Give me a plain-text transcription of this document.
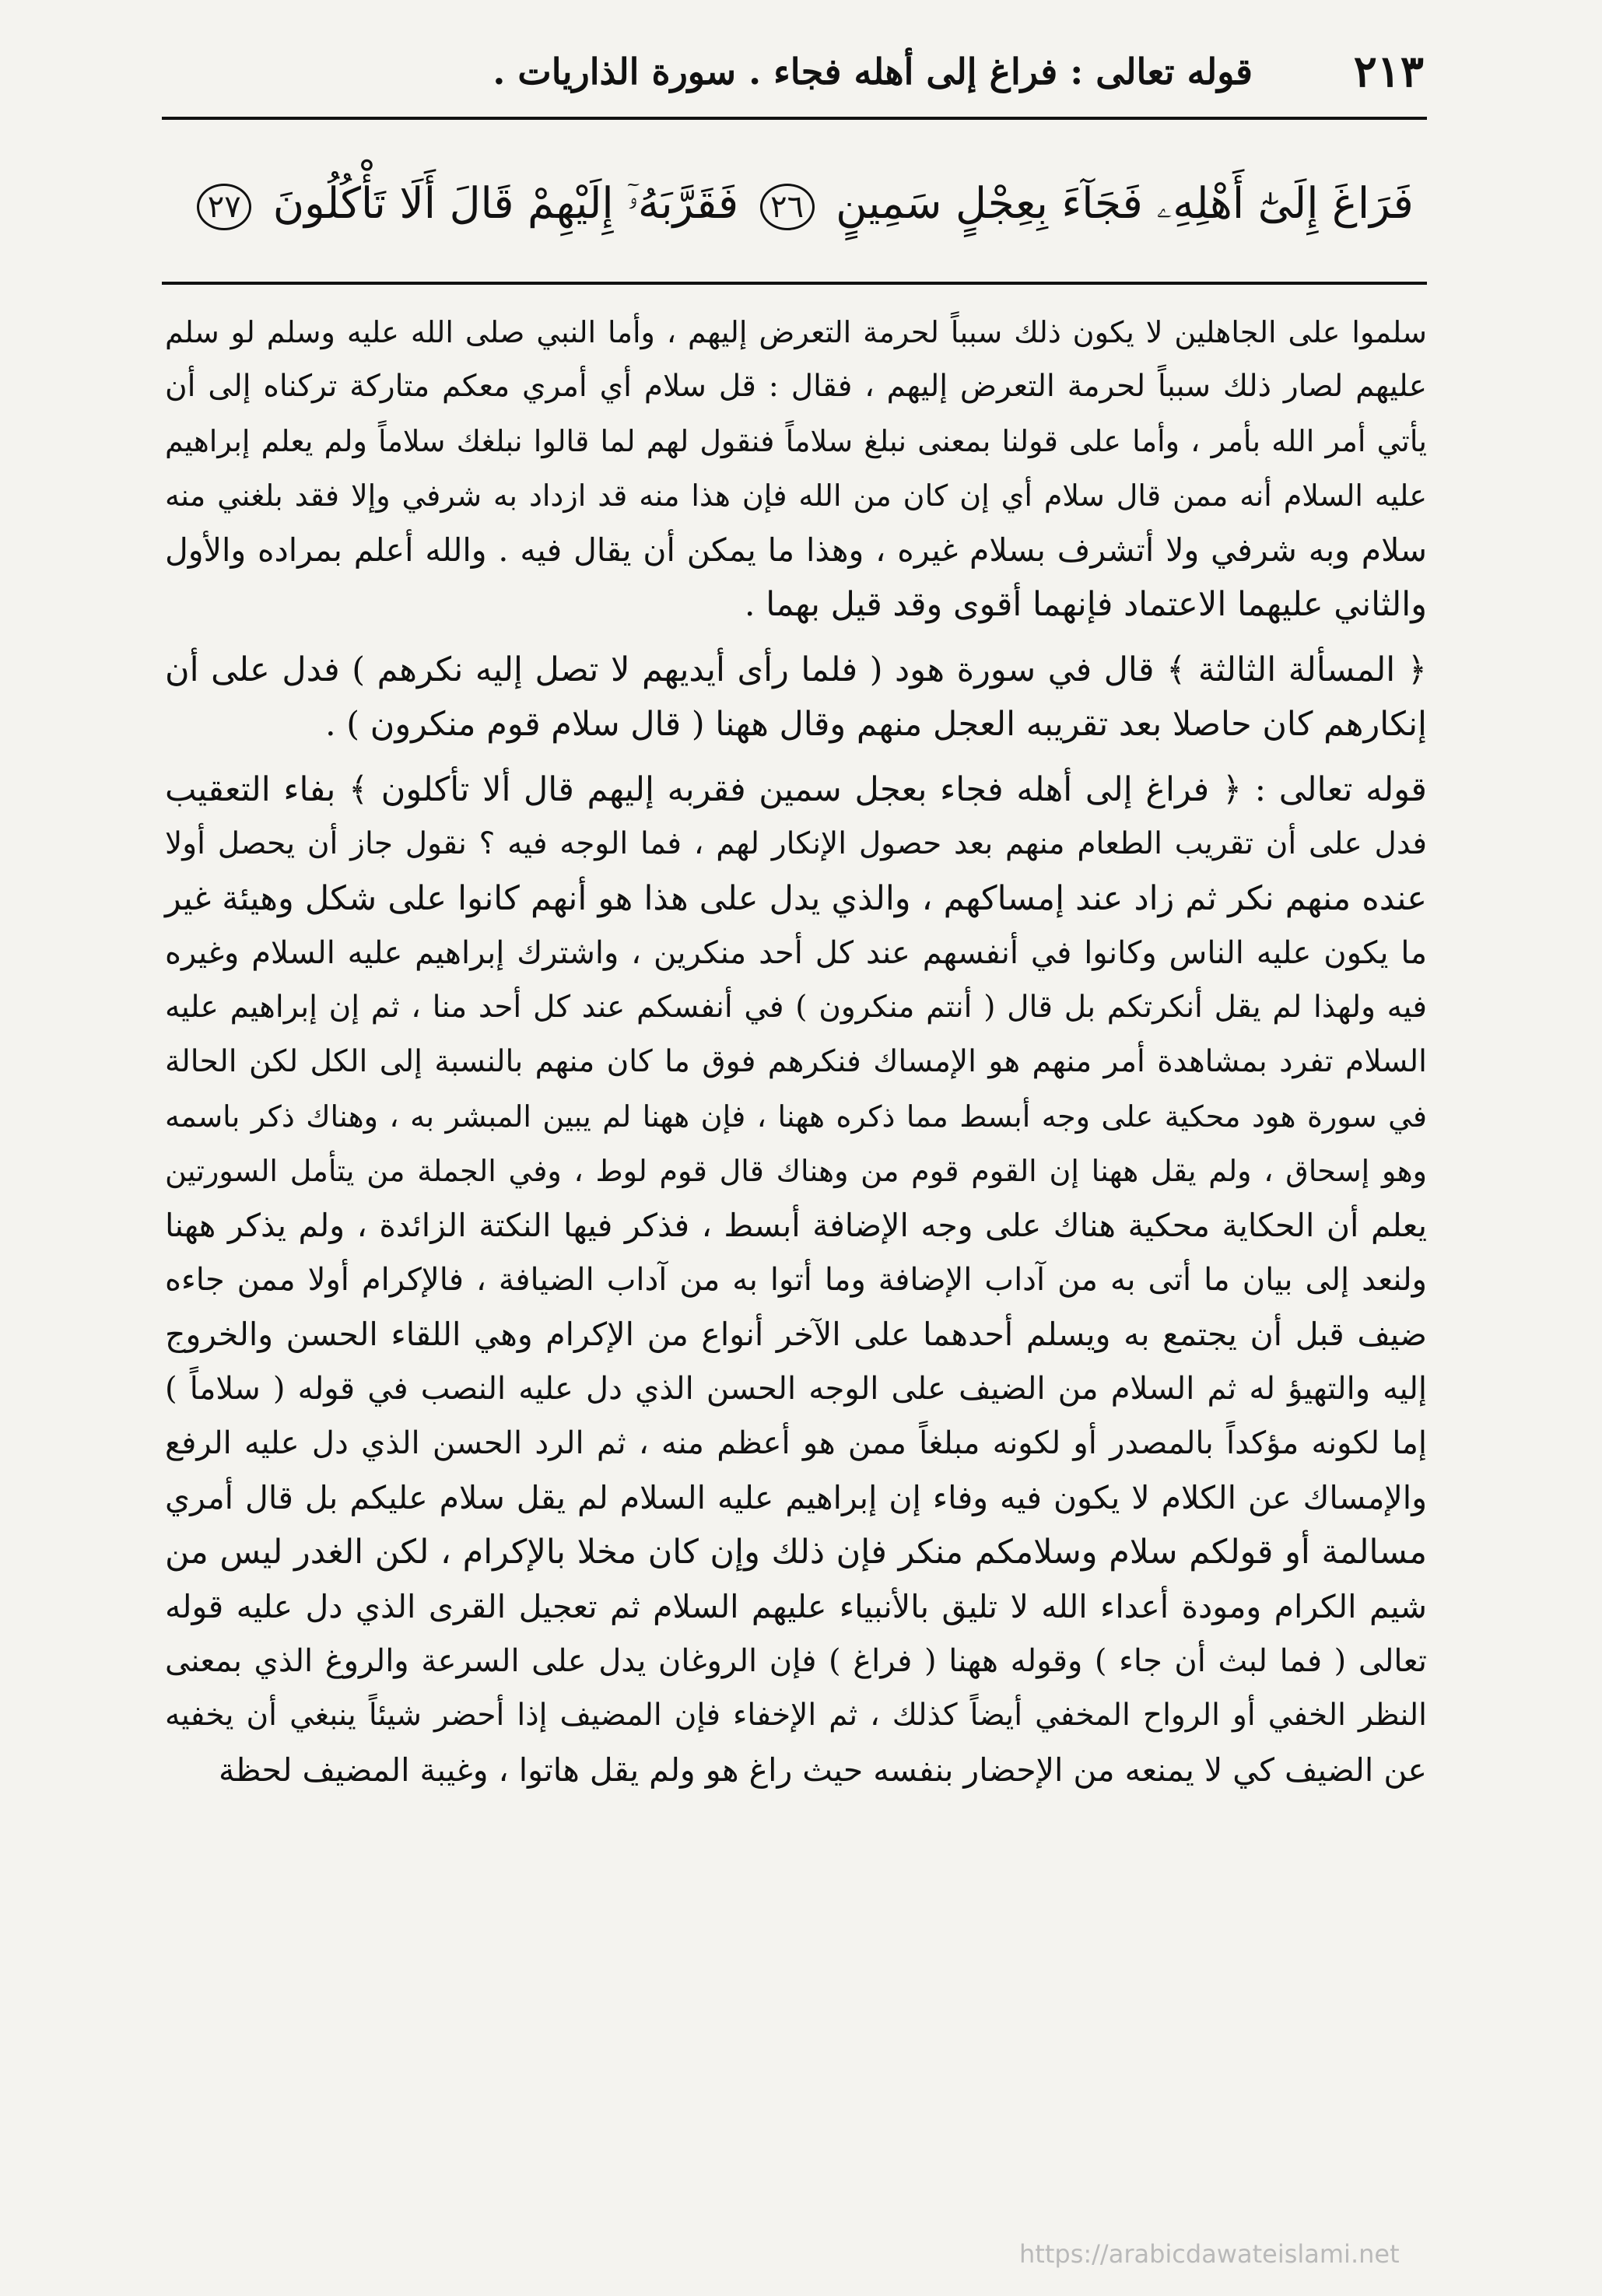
٢١٣
قوله تعالى : فراغ إلى أهله فجاء . سورة الذاريات .
فَرَاغَ إِلَىٰٓ أَهْلِهِۦ فَجَآءَ بِعِجْلٍ سَمِينٍ ٢٦ فَقَرَّبَهُۥٓ إِلَيْهِمْ قَالَ أَلَا تَأْكُلُونَ ٢٧
سلموا على الجاهلين لا يكون ذلك سبباً لحرمة التعرض إليهم ، وأما النبي صلى الله عليه وسلم لو سلم
عليهم لصار ذلك سبباً لحرمة التعرض إليهم ، فقال : قل سلام أي أمري معكم متاركة تركناه إلى أن
يأتي أمر الله بأمر ، وأما على قولنا بمعنى نبلغ سلاماً فنقول لهم لما قالوا نبلغك سلاماً ولم يعلم إبراهيم
عليه السلام أنه ممن قال سلام أي إن كان من الله فإن هذا منه قد ازداد به شرفي وإلا فقد بلغني منه
سلام وبه شرفي ولا أتشرف بسلام غيره ، وهذا ما يمكن أن يقال فيه . والله أعلم بمراده والأول
والثاني عليهما الاعتماد فإنهما أقوى وقد قيل بهما .
﴿ المسألة الثالثة ﴾ قال في سورة هود ( فلما رأى أيديهم لا تصل إليه نكرهم ) فدل على أن
إنكارهم كان حاصلا بعد تقريبه العجل منهم وقال ههنا ( قال سلام قوم منكرون ) .
قوله تعالى : ﴿ فراغ إلى أهله فجاء بعجل سمين فقربه إليهم قال ألا تأكلون ﴾ بفاء التعقيب
فدل على أن تقريب الطعام منهم بعد حصول الإنكار لهم ، فما الوجه فيه ؟ نقول جاز أن يحصل أولا
عنده منهم نكر ثم زاد عند إمساكهم ، والذي يدل على هذا هو أنهم كانوا على شكل وهيئة غير
ما يكون عليه الناس وكانوا في أنفسهم عند كل أحد منكرين ، واشترك إبراهيم عليه السلام وغيره
فيه ولهذا لم يقل أنكرتكم بل قال ( أنتم منكرون ) في أنفسكم عند كل أحد منا ، ثم إن إبراهيم عليه
السلام تفرد بمشاهدة أمر منهم هو الإمساك فنكرهم فوق ما كان منهم بالنسبة إلى الكل لكن الحالة
في سورة هود محكية على وجه أبسط مما ذكره ههنا ، فإن ههنا لم يبين المبشر به ، وهناك ذكر باسمه
وهو إسحاق ، ولم يقل ههنا إن القوم قوم من وهناك قال قوم لوط ، وفي الجملة من يتأمل السورتين
يعلم أن الحكاية محكية هناك على وجه الإضافة أبسط ، فذكر فيها النكتة الزائدة ، ولم يذكر ههنا
ولنعد إلى بيان ما أتى به من آداب الإضافة وما أتوا به من آداب الضيافة ، فالإكرام أولا ممن جاءه
ضيف قبل أن يجتمع به ويسلم أحدهما على الآخر أنواع من الإكرام وهي اللقاء الحسن والخروج
إليه والتهيؤ له ثم السلام من الضيف على الوجه الحسن الذي دل عليه النصب في قوله ( سلاماً )
إما لكونه مؤكداً بالمصدر أو لكونه مبلغاً ممن هو أعظم منه ، ثم الرد الحسن الذي دل عليه الرفع
والإمساك عن الكلام لا يكون فيه وفاء إن إبراهيم عليه السلام لم يقل سلام عليكم بل قال أمري
مسالمة أو قولكم سلام وسلامكم منكر فإن ذلك وإن كان مخلا بالإكرام ، لكن الغدر ليس من
شيم الكرام ومودة أعداء الله لا تليق بالأنبياء عليهم السلام ثم تعجيل القرى الذي دل عليه قوله
تعالى ( فما لبث أن جاء ) وقوله ههنا ( فراغ ) فإن الروغان يدل على السرعة والروغ الذي بمعنى
النظر الخفي أو الرواح المخفي أيضاً كذلك ، ثم الإخفاء فإن المضيف إذا أحضر شيئاً ينبغي أن يخفيه
عن الضيف كي لا يمنعه من الإحضار بنفسه حيث راغ هو ولم يقل هاتوا ، وغيبة المضيف لحظة
https://arabicdawateislami.net
